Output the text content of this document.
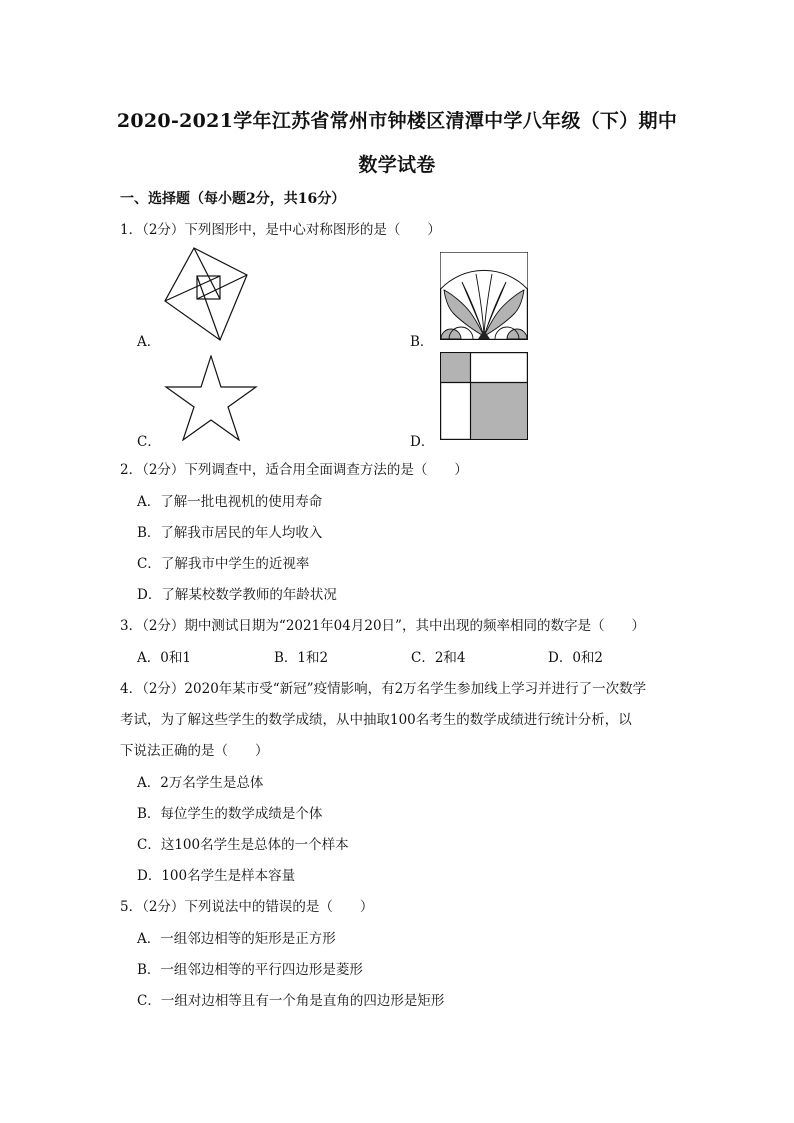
2020-2021学年江苏省常州市钟楼区清潭中学八年级（下）期中
数学试卷
一、选择题（每小题2分，共16分）
1．（2分）下列图形中，是中心对称图形的是（　　）
A．	B．
C．	D．
2．（2分）下列调查中，适合用全面调查方法的是（　　）
A．了解一批电视机的使用寿命
B．了解我市居民的年人均收入
C．了解我市中学生的近视率
D．了解某校数学教师的年龄状况
3．（2分）期中测试日期为“2021年04月20日”，其中出现的频率相同的数字是（　　）
A．0和1	B．1和2	C．2和4	D．0和2
4．（2分）2020年某市受“新冠”疫情影响，有2万名学生参加线上学习并进行了一次数学
考试，为了解这些学生的数学成绩，从中抽取100名考生的数学成绩进行统计分析，以
下说法正确的是（　　）
A．2万名学生是总体
B．每位学生的数学成绩是个体
C．这100名学生是总体的一个样本
D．100名学生是样本容量
5．（2分）下列说法中的错误的是（　　）
A．一组邻边相等的矩形是正方形
B．一组邻边相等的平行四边形是菱形
C．一组对边相等且有一个角是直角的四边形是矩形
